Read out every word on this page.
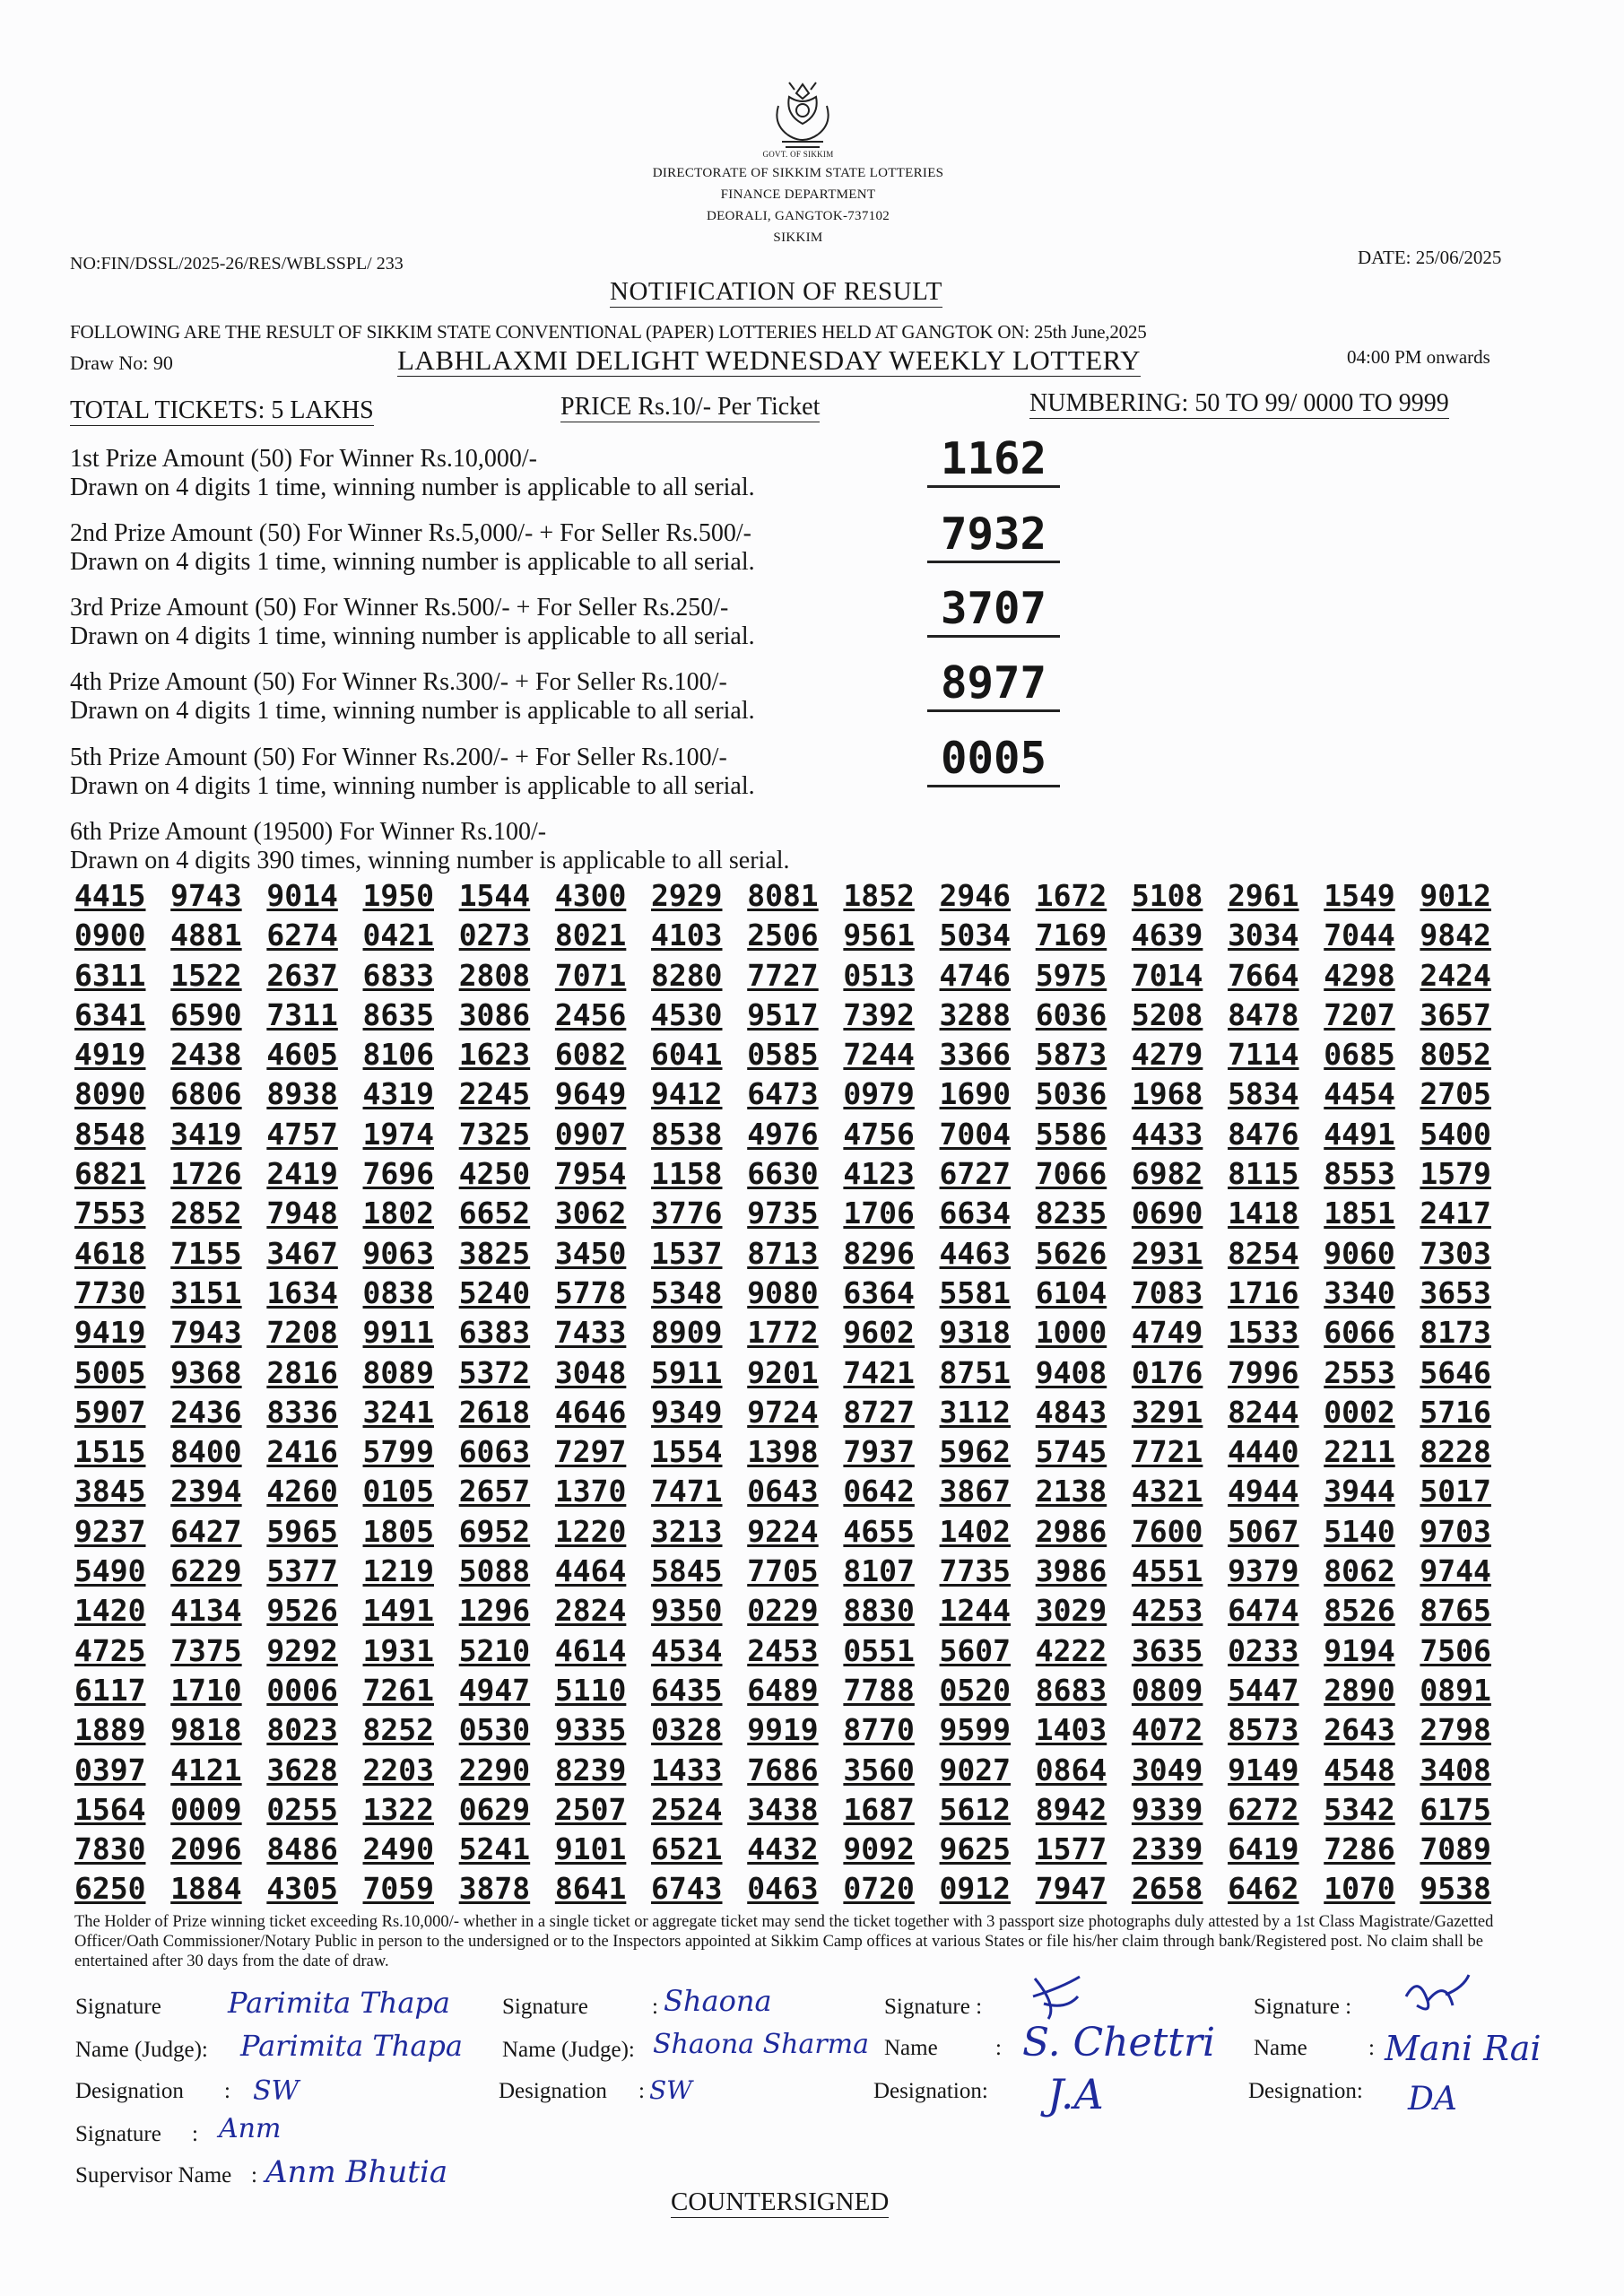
GOVT. OF SIKKIM
DIRECTORATE OF SIKKIM STATE LOTTERIES
FINANCE DEPARTMENT
DEORALI, GANGTOK-737102
SIKKIM
NO:FIN/DSSL/2025-26/RES/WBLSSPL/ 233	DATE: 25/06/2025
NOTIFICATION OF RESULT
FOLLOWING ARE THE RESULT OF SIKKIM STATE CONVENTIONAL (PAPER) LOTTERIES HELD AT GANGTOK ON: 25th June,2025
Draw No: 90	LABHLAXMI DELIGHT WEDNESDAY WEEKLY LOTTERY	04:00 PM onwards
TOTAL TICKETS: 5 LAKHS	PRICE Rs.10/- Per Ticket	NUMBERING: 50 TO 99/ 0000 TO 9999
1st Prize Amount (50) For Winner Rs.10,000/-
Drawn on 4 digits 1 time, winning number is applicable to all serial.
1162
2nd Prize Amount (50) For Winner Rs.5,000/- + For Seller Rs.500/-
Drawn on 4 digits 1 time, winning number is applicable to all serial.
7932
3rd Prize Amount (50) For Winner Rs.500/- + For Seller Rs.250/-
Drawn on 4 digits 1 time, winning number is applicable to all serial.
3707
4th Prize Amount (50) For Winner Rs.300/- + For Seller Rs.100/-
Drawn on 4 digits 1 time, winning number is applicable to all serial.
8977
5th Prize Amount (50) For Winner Rs.200/- + For Seller Rs.100/-
Drawn on 4 digits 1 time, winning number is applicable to all serial.
0005
6th Prize Amount (19500) For Winner Rs.100/-
Drawn on 4 digits 390 times, winning number is applicable to all serial.
4415 9743 9014 1950 1544 4300 2929 8081 1852 2946 1672 5108 2961 1549 9012
0900 4881 6274 0421 0273 8021 4103 2506 9561 5034 7169 4639 3034 7044 9842
6311 1522 2637 6833 2808 7071 8280 7727 0513 4746 5975 7014 7664 4298 2424
6341 6590 7311 8635 3086 2456 4530 9517 7392 3288 6036 5208 8478 7207 3657
4919 2438 4605 8106 1623 6082 6041 0585 7244 3366 5873 4279 7114 0685 8052
8090 6806 8938 4319 2245 9649 9412 6473 0979 1690 5036 1968 5834 4454 2705
8548 3419 4757 1974 7325 0907 8538 4976 4756 7004 5586 4433 8476 4491 5400
6821 1726 2419 7696 4250 7954 1158 6630 4123 6727 7066 6982 8115 8553 1579
7553 2852 7948 1802 6652 3062 3776 9735 1706 6634 8235 0690 1418 1851 2417
4618 7155 3467 9063 3825 3450 1537 8713 8296 4463 5626 2931 8254 9060 7303
7730 3151 1634 0838 5240 5778 5348 9080 6364 5581 6104 7083 1716 3340 3653
9419 7943 7208 9911 6383 7433 8909 1772 9602 9318 1000 4749 1533 6066 8173
5005 9368 2816 8089 5372 3048 5911 9201 7421 8751 9408 0176 7996 2553 5646
5907 2436 8336 3241 2618 4646 9349 9724 8727 3112 4843 3291 8244 0002 5716
1515 8400 2416 5799 6063 7297 1554 1398 7937 5962 5745 7721 4440 2211 8228
3845 2394 4260 0105 2657 1370 7471 0643 0642 3867 2138 4321 4944 3944 5017
9237 6427 5965 1805 6952 1220 3213 9224 4655 1402 2986 7600 5067 5140 9703
5490 6229 5377 1219 5088 4464 5845 7705 8107 7735 3986 4551 9379 8062 9744
1420 4134 9526 1491 1296 2824 9350 0229 8830 1244 3029 4253 6474 8526 8765
4725 7375 9292 1931 5210 4614 4534 2453 0551 5607 4222 3635 0233 9194 7506
6117 1710 0006 7261 4947 5110 6435 6489 7788 0520 8683 0809 5447 2890 0891
1889 9818 8023 8252 0530 9335 0328 9919 8770 9599 1403 4072 8573 2643 2798
0397 4121 3628 2203 2290 8239 1433 7686 3560 9027 0864 3049 9149 4548 3408
1564 0009 0255 1322 0629 2507 2524 3438 1687 5612 8942 9339 6272 5342 6175
7830 2096 8486 2490 5241 9101 6521 4432 9092 9625 1577 2339 6419 7286 7089
6250 1884 4305 7059 3878 8641 6743 0463 0720 0912 7947 2658 6462 1070 9538
The Holder of Prize winning ticket exceeding Rs.10,000/- whether in a single ticket or aggregate ticket may send the ticket together with 3 passport size photographs duly attested by a 1st Class Magistrate/Gazetted Officer/Oath Commissioner/Notary Public in person to the undersigned or to the Inspectors appointed at Sikkim Camp offices at various States or file his/her claim through bank/Registered post. No claim shall be entertained after 30 days from the date of draw.
Signature Parimita Thapa
Name (Judge): Parimita Thapa
Designation : SW
Signature	: Shaona
Name (Judge): Shaona Sharma
Designation : SW
Signature :
Name	: S. Chettri
Designation: J.A
Signature :
Name	: Mani Rai
Designation: DA
Signature : Anm
Supervisor Name : Anm Bhutia
COUNTERSIGNED
